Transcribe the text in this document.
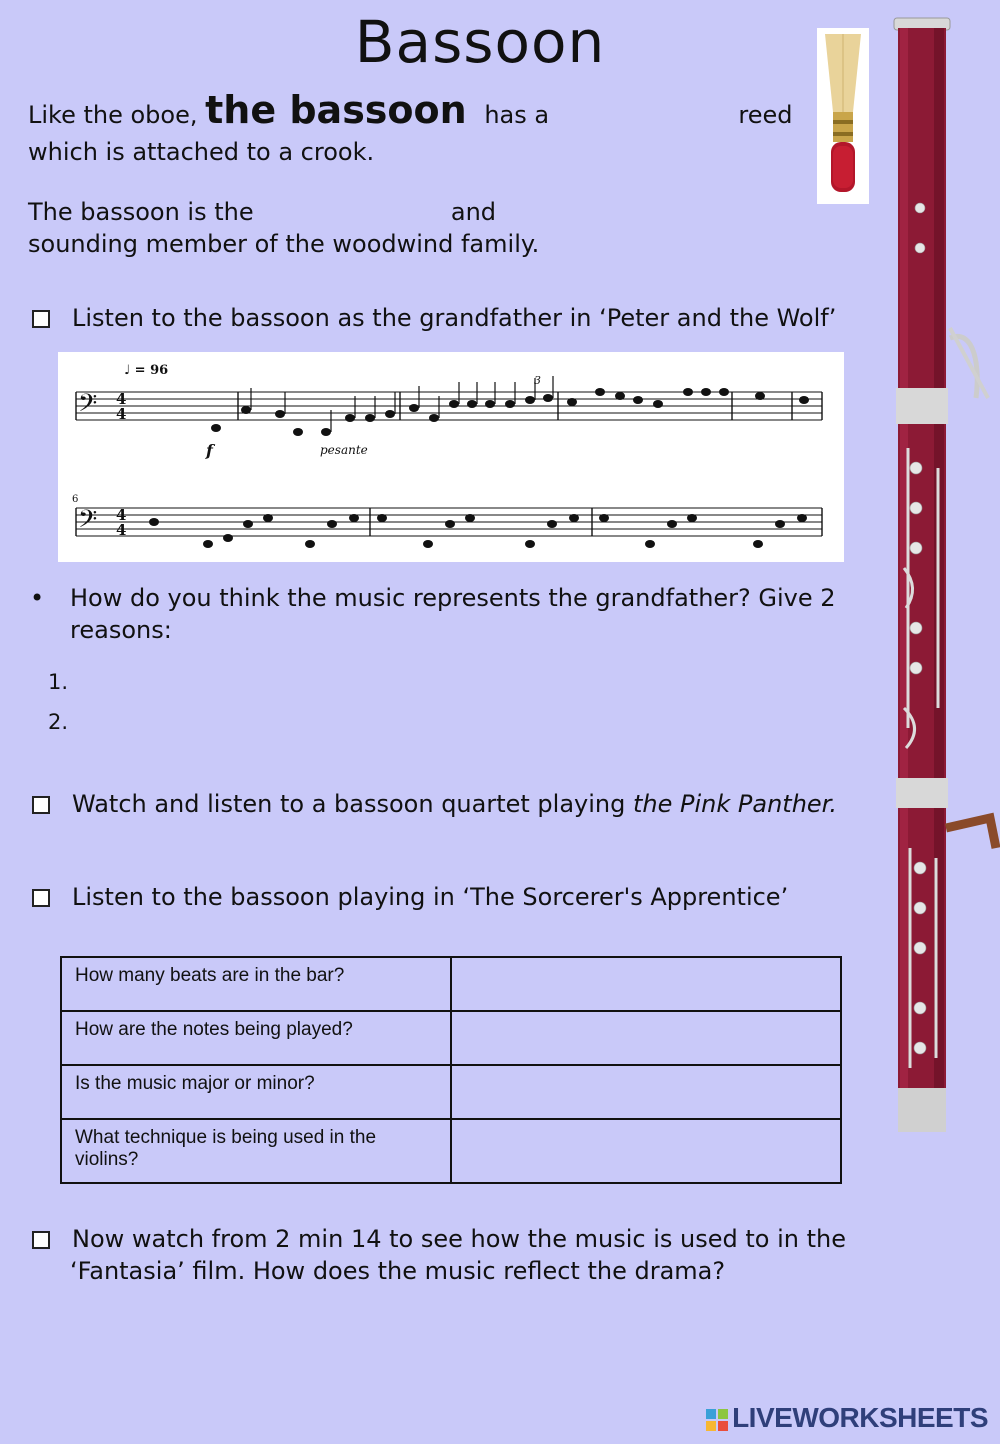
Bassoon
Like the oboe, the bassoon has a	reed
which is attached to a crook.
The bassoon is the	and
sounding member of the woodwind family.
Listen to the bassoon as the grandfather in ‘Peter and the Wolf’
𝄢
𝄢
4
4
4
4
♩ = 96
f	pesante
6
3
• How do you think the music represents the grandfather? Give 2
reasons:
1.
2.
Watch and listen to a bassoon quartet playing the Pink Panther.
Listen to the bassoon playing in ‘The Sorcerer's Apprentice’
How many beats are in the bar?	
How are the notes being played?	
Is the music major or minor?	
What technique is being used in the violins?	
Now watch from 2 min 14 to see how the music is used to in the
‘Fantasia’ film. How does the music reflect the drama?
LIVEWORKSHEETS
